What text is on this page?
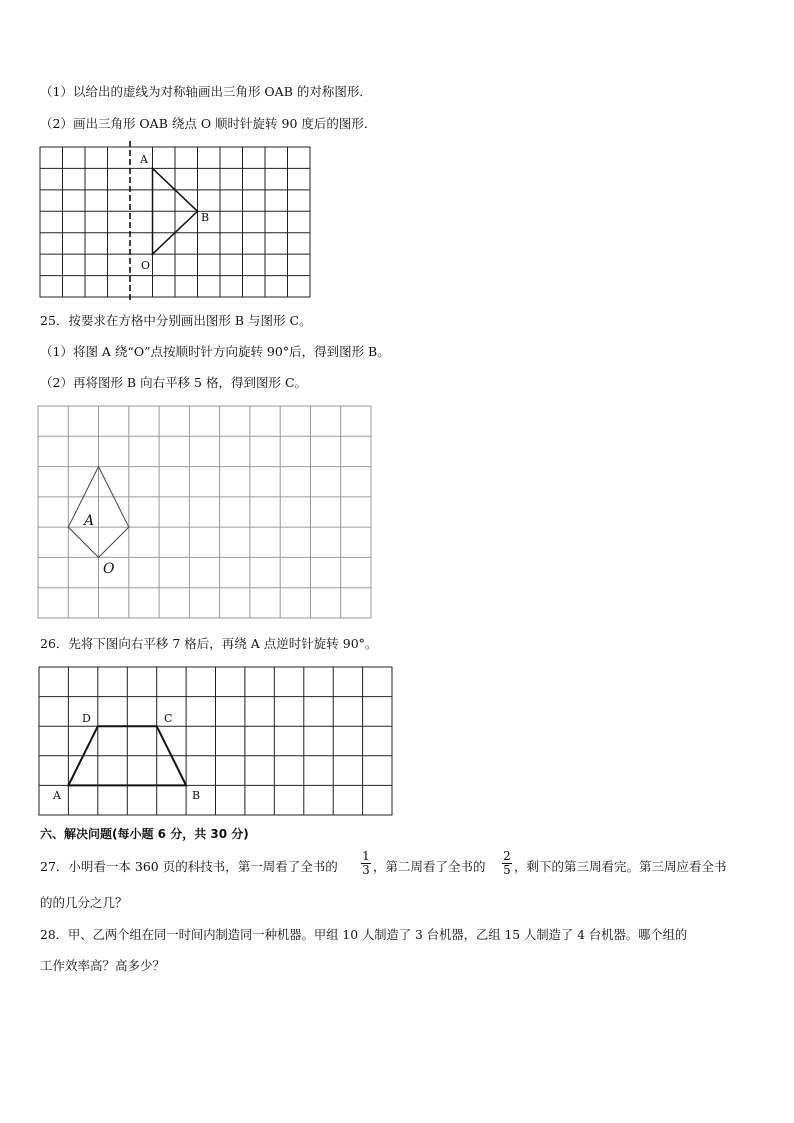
（1）以给出的虚线为对称轴画出三角形 OAB 的对称图形．
（2）画出三角形 OAB 绕点 O 顺时针旋转 90 度后的图形．
A
B
O
A
O
A	B
C
D
25．按要求在方格中分别画出图形 B 与图形 C。
（1）将图 A 绕“O”点按顺时针方向旋转 90°后，得到图形 B。
（2）再将图形 B 向右平移 5 格，得到图形 C。
26．先将下图向右平移 7 格后，再绕 A 点逆时针旋转 90°。
六、解决问题(每小题 6 分，共 30 分)
27．小明看一本 360 页的科技书，第一周看了全书的 $\frac{1}{3}$ ，第二周看了全书的 $\frac{2}{5}$ ，剩下的第三周看完。第三周应看全书
的的几分之几？
28．甲、乙两个组在同一时间内制造同一种机器。甲组 10 人制造了 3 台机器，乙组 15 人制造了 4 台机器。哪个组的
工作效率高？高多少？
